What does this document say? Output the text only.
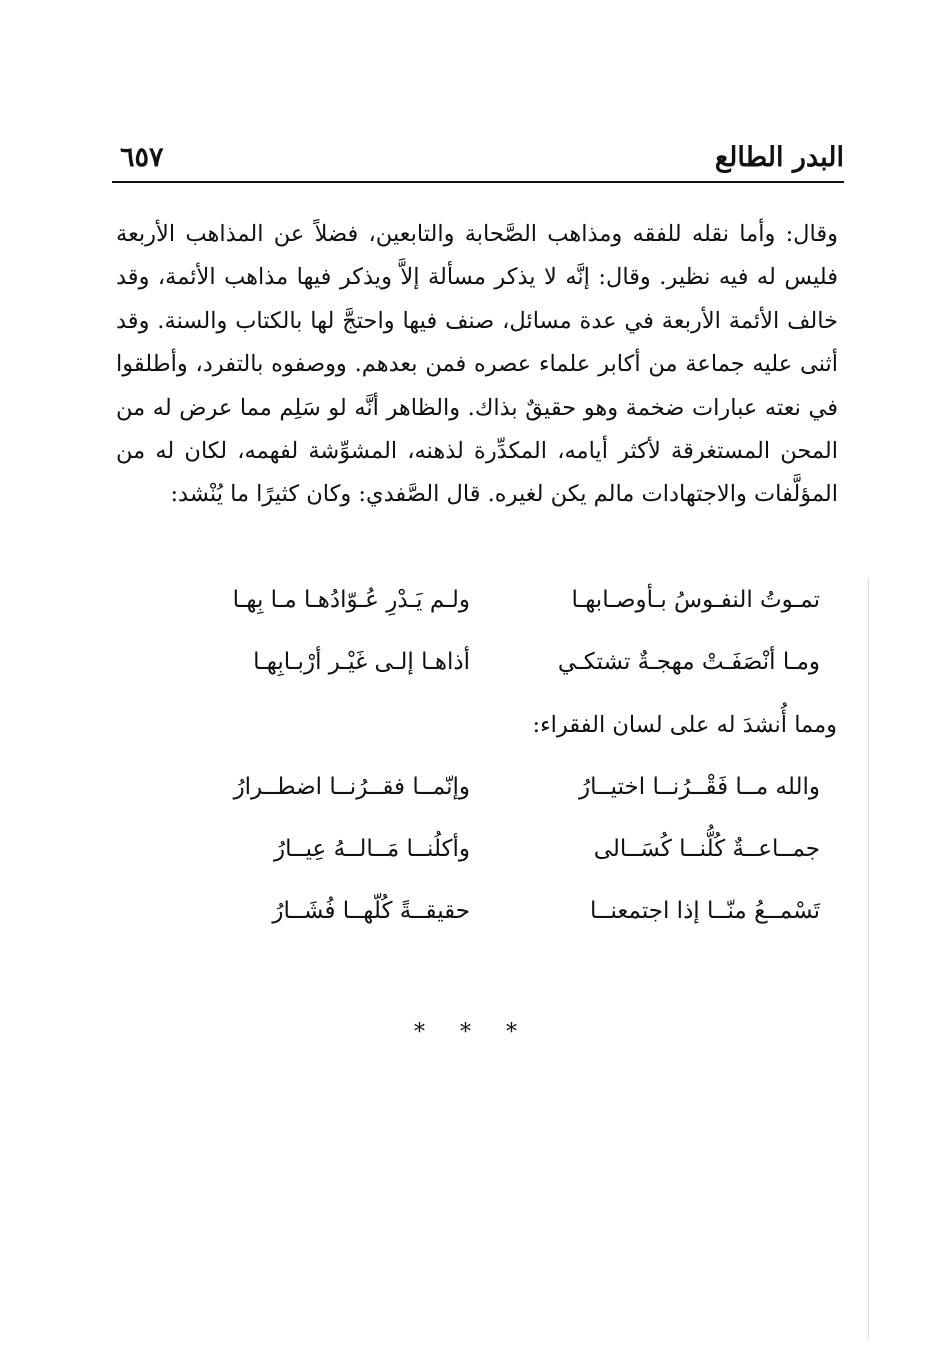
البدر الطالع
٦٥٧

وقال: وأما نقله للفقه ومذاهب الصَّحابة والتابعين، فضلاً عن المذاهب الأربعة فليس له فيه نظير. وقال: إنَّه لا يذكر مسألة إلاَّ ويذكر فيها مذاهب الأئمة، وقد خالف الأئمة الأربعة في عدة مسائل، صنف فيها واحتجَّ لها بالكتاب والسنة. وقد أثنى عليه جماعة من أكابر علماء عصره فمن بعدهم. ووصفوه بالتفرد، وأطلقوا في نعته عبارات ضخمة وهو حقيقٌ بذاك. والظاهر أنَّه لو سَلِم مما عرض له من المحن المستغرقة لأكثر أيامه، المكدِّرة لذهنه، المشوِّشة لفهمه، لكان له من المؤلَّفات والاجتهادات مالم يكن لغيره. قال الصَّفدي: وكان كثيرًا ما يُنْشد:

تمـوتُ النفـوسُ بـأوصـابهـا
ولـم يَـدْرِ عُـوّادُهـا مـا بِهـا
ومـا أنْصَفَـتْ مهجـةٌ تشتكـي
أذاهـا إلـى غَيْـر أرْبـابِهـا
ومما أُنشدَ له على لسان الفقراء:
والله مــا فَقْــرُنــا اختيــارُ
وإنّمــا فقــرُنــا اضطــرارُ
جمــاعــةٌ كُلُّنــا كُسَــالى
وأكلُنــا مَــالــهُ عِيــارُ
تَسْمــعُ منّــا إذا اجتمعنــا
حقيقــةً كُلّهــا فُشَــارُ
* * *
